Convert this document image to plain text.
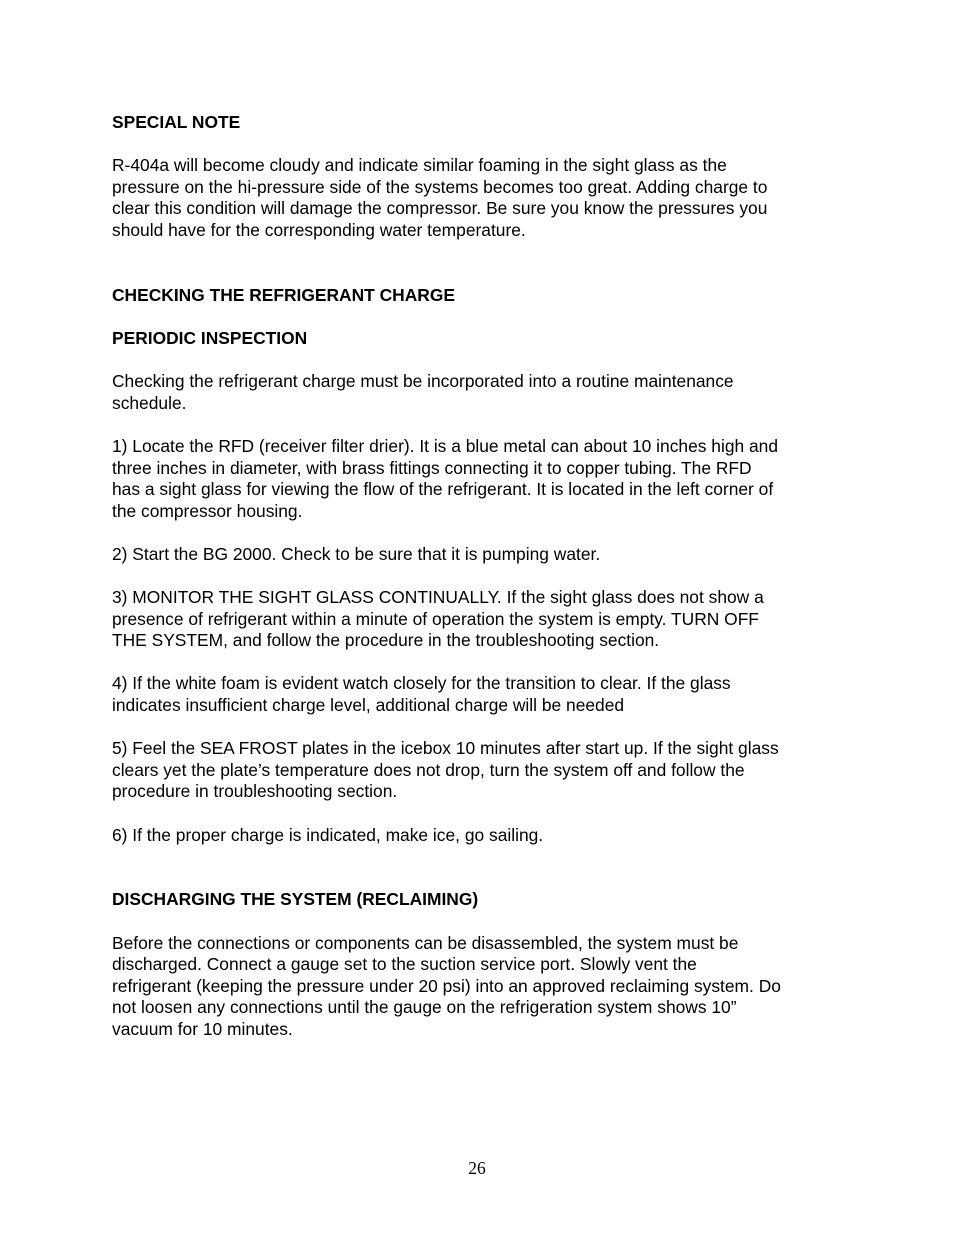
SPECIAL NOTE

R-404a will become cloudy and indicate similar foaming in the sight glass as the
pressure on the hi-pressure side of the systems becomes too great. Adding charge to
clear this condition will damage the compressor. Be sure you know the pressures you
should have for the corresponding water temperature.

CHECKING THE REFRIGERANT CHARGE
PERIODIC INSPECTION

Checking the refrigerant charge must be incorporated into a routine maintenance
schedule.

1) Locate the RFD (receiver filter drier). It is a blue metal can about 10 inches high and
three inches in diameter, with brass fittings connecting it to copper tubing. The RFD
has a sight glass for viewing the flow of the refrigerant. It is located in the left corner of
the compressor housing.

2) Start the BG 2000. Check to be sure that it is pumping water.

3) MONITOR THE SIGHT GLASS CONTINUALLY. If the sight glass does not show a
presence of refrigerant within a minute of operation the system is empty. TURN OFF
THE SYSTEM, and follow the procedure in the troubleshooting section.

4) If the white foam is evident watch closely for the transition to clear. If the glass
indicates insufficient charge level, additional charge will be needed

5) Feel the SEA FROST plates in the icebox 10 minutes after start up. If the sight glass
clears yet the plate’s temperature does not drop, turn the system off and follow the
procedure in troubleshooting section.

6) If the proper charge is indicated, make ice, go sailing.

DISCHARGING THE SYSTEM (RECLAIMING)

Before the connections or components can be disassembled, the system must be
discharged. Connect a gauge set to the suction service port. Slowly vent the
refrigerant (keeping the pressure under 20 psi) into an approved reclaiming system. Do
not loosen any connections until the gauge on the refrigeration system shows 10”
vacuum for 10 minutes.

26
